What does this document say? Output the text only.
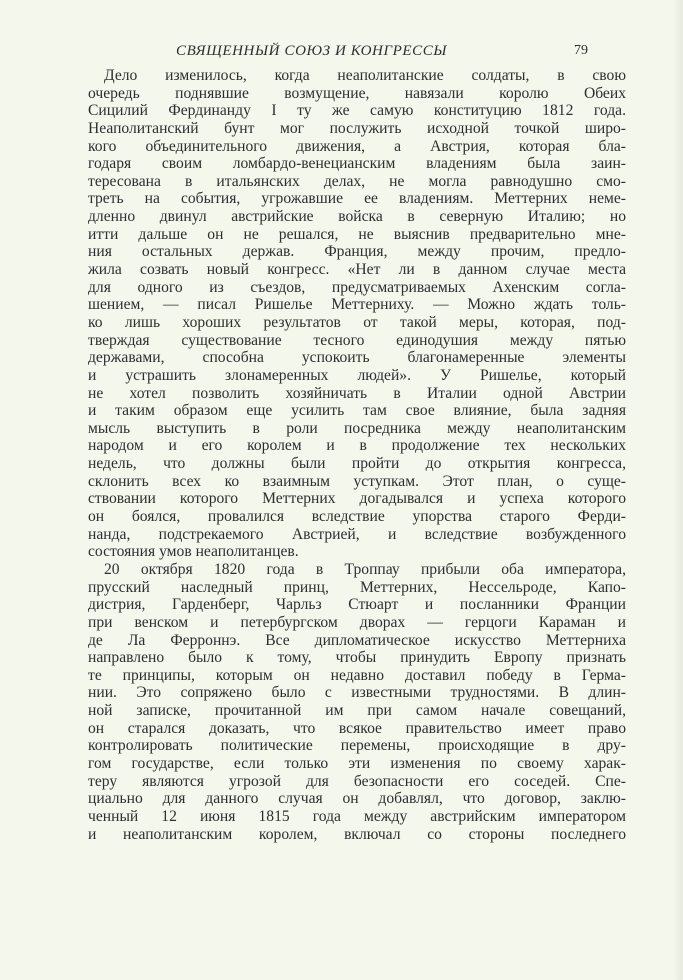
СВЯЩЕННЫЙ СОЮЗ И КОНГРЕССЫ	79
Дело изменилось, когда неаполитанские солдаты, в свою
очередь поднявшие возмущение, навязали королю Обеих
Сицилий Фердинанду I ту же самую конституцию 1812 года.
Неаполитанский бунт мог послужить исходной точкой широ-
кого объединительного движения, а Австрия, которая бла-
годаря своим ломбардо-венецианским владениям была заин-
тересована в итальянских делах, не могла равнодушно смо-
треть на события, угрожавшие ее владениям. Меттерних неме-
дленно двинул австрийские войска в северную Италию; но
итти дальше он не решался, не выяснив предварительно мне-
ния остальных держав. Франция, между прочим, предло-
жила созвать новый конгресс. «Нет ли в данном случае места
для одного из съездов, предусматриваемых Ахенским согла-
шением, — писал Ришелье Меттерниху. — Можно ждать толь-
ко лишь хороших результатов от такой меры, которая, под-
тверждая существование тесного единодушия между пятью
державами, способна успокоить благонамеренные элементы
и устрашить злонамеренных людей». У Ришелье, который
не хотел позволить хозяйничать в Италии одной Австрии
и таким образом еще усилить там свое влияние, была задняя
мысль выступить в роли посредника между неаполитанским
народом и его королем и в продолжение тех нескольких
недель, что должны были пройти до открытия конгресса,
склонить всех ко взаимным уступкам. Этот план, о суще-
ствовании которого Меттерних догадывался и успеха которого
он боялся, провалился вследствие упорства старого Ферди-
нанда, подстрекаемого Австрией, и вследствие возбужденного
состояния умов неаполитанцев.
20 октября 1820 года в Троппау прибыли оба императора,
прусский наследный принц, Меттерних, Нессельроде, Капо-
дистрия, Гарденберг, Чарльз Стюарт и посланники Франции
при венском и петербургском дворах — герцоги Караман и
де Ла Ферроннэ. Все дипломатическое искусство Меттерниха
направлено было к тому, чтобы принудить Европу признать
те принципы, которым он недавно доставил победу в Герма-
нии. Это сопряжено было с известными трудностями. В длин-
ной записке, прочитанной им при самом начале совещаний,
он старался доказать, что всякое правительство имеет право
контролировать политические перемены, происходящие в дру-
гом государстве, если только эти изменения по своему харак-
теру являются угрозой для безопасности его соседей. Спе-
циально для данного случая он добавлял, что договор, заклю-
ченный 12 июня 1815 года между австрийским императором
и неаполитанским королем, включал со стороны последнего
